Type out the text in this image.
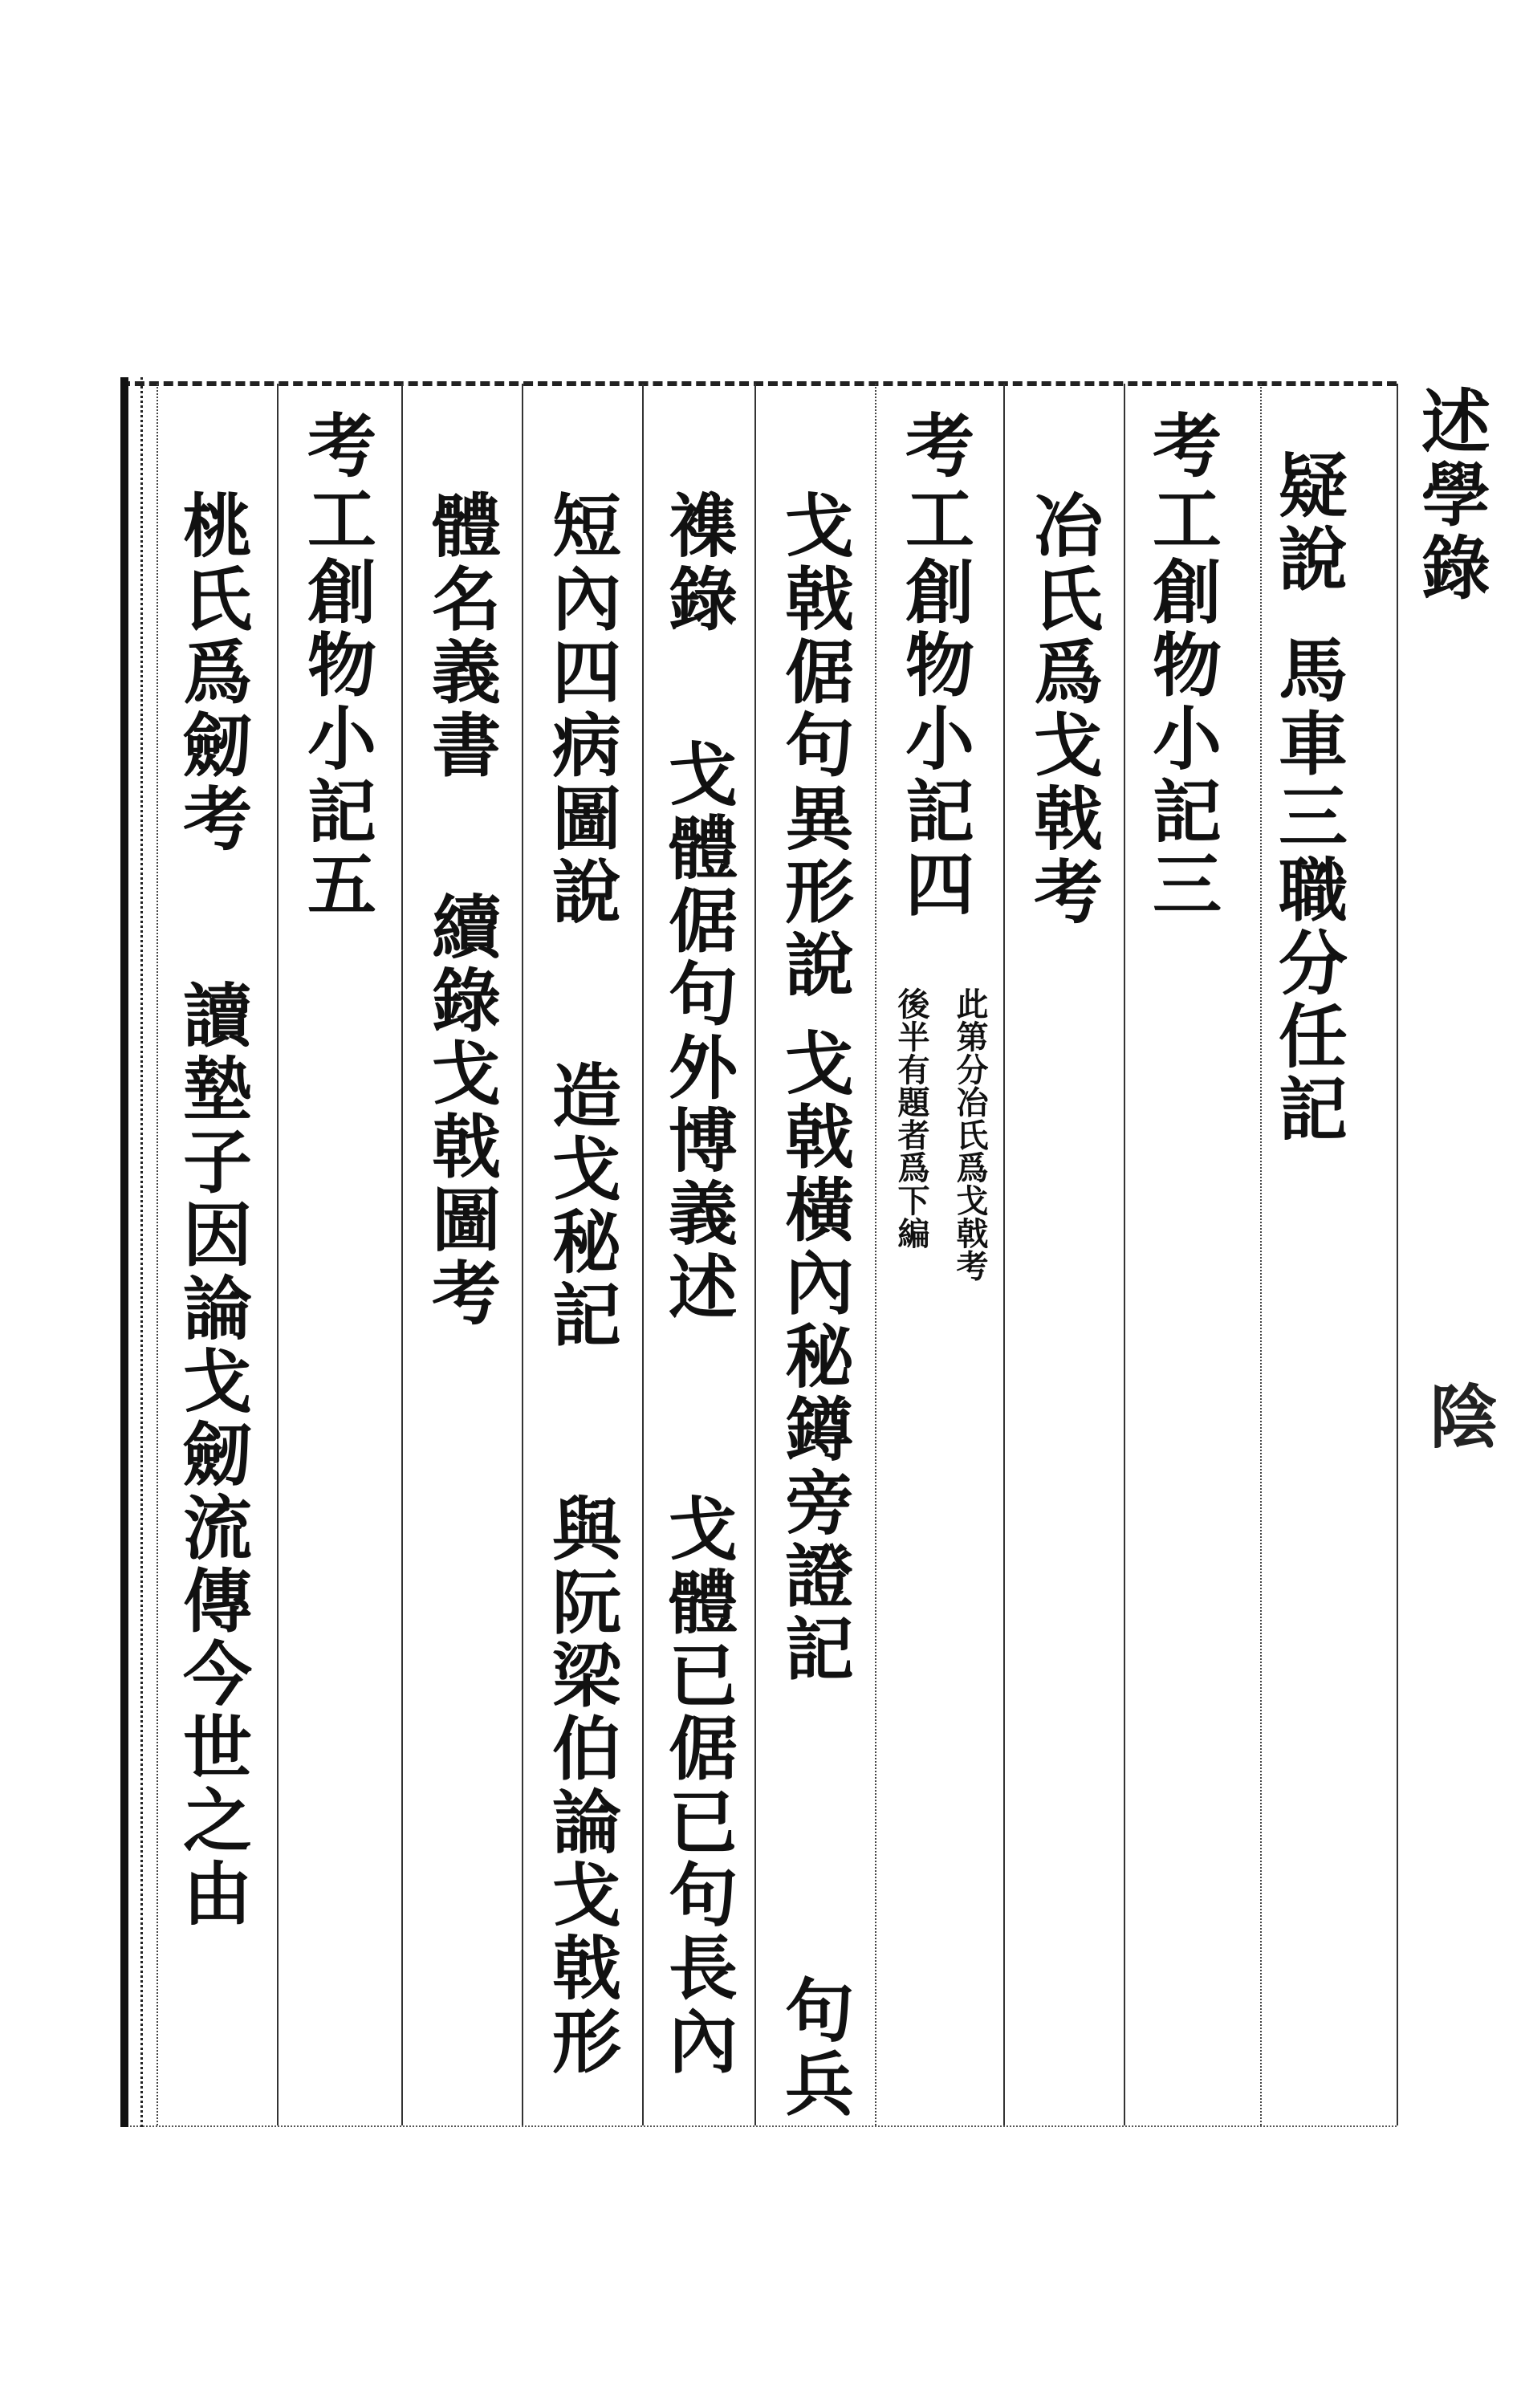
述學錄
陰
疑說
馬車三職分任記
考工創物小記三
冶氏爲戈戟考
考工創物小記四
此第分冶氏爲戈戟考
後半有題者爲下編
戈戟倨句異形說
戈戟橫內秘鐏旁證記
句兵
襍錄
戈體倨句外博義述
戈體已倨已句長內
短內四病圖說
造戈秘記
與阮梁伯論戈戟形
體名義書
續錄戈戟圖考
考工創物小記五
桃氏爲劒考
讀墊子因論戈劒流傳今世之由
